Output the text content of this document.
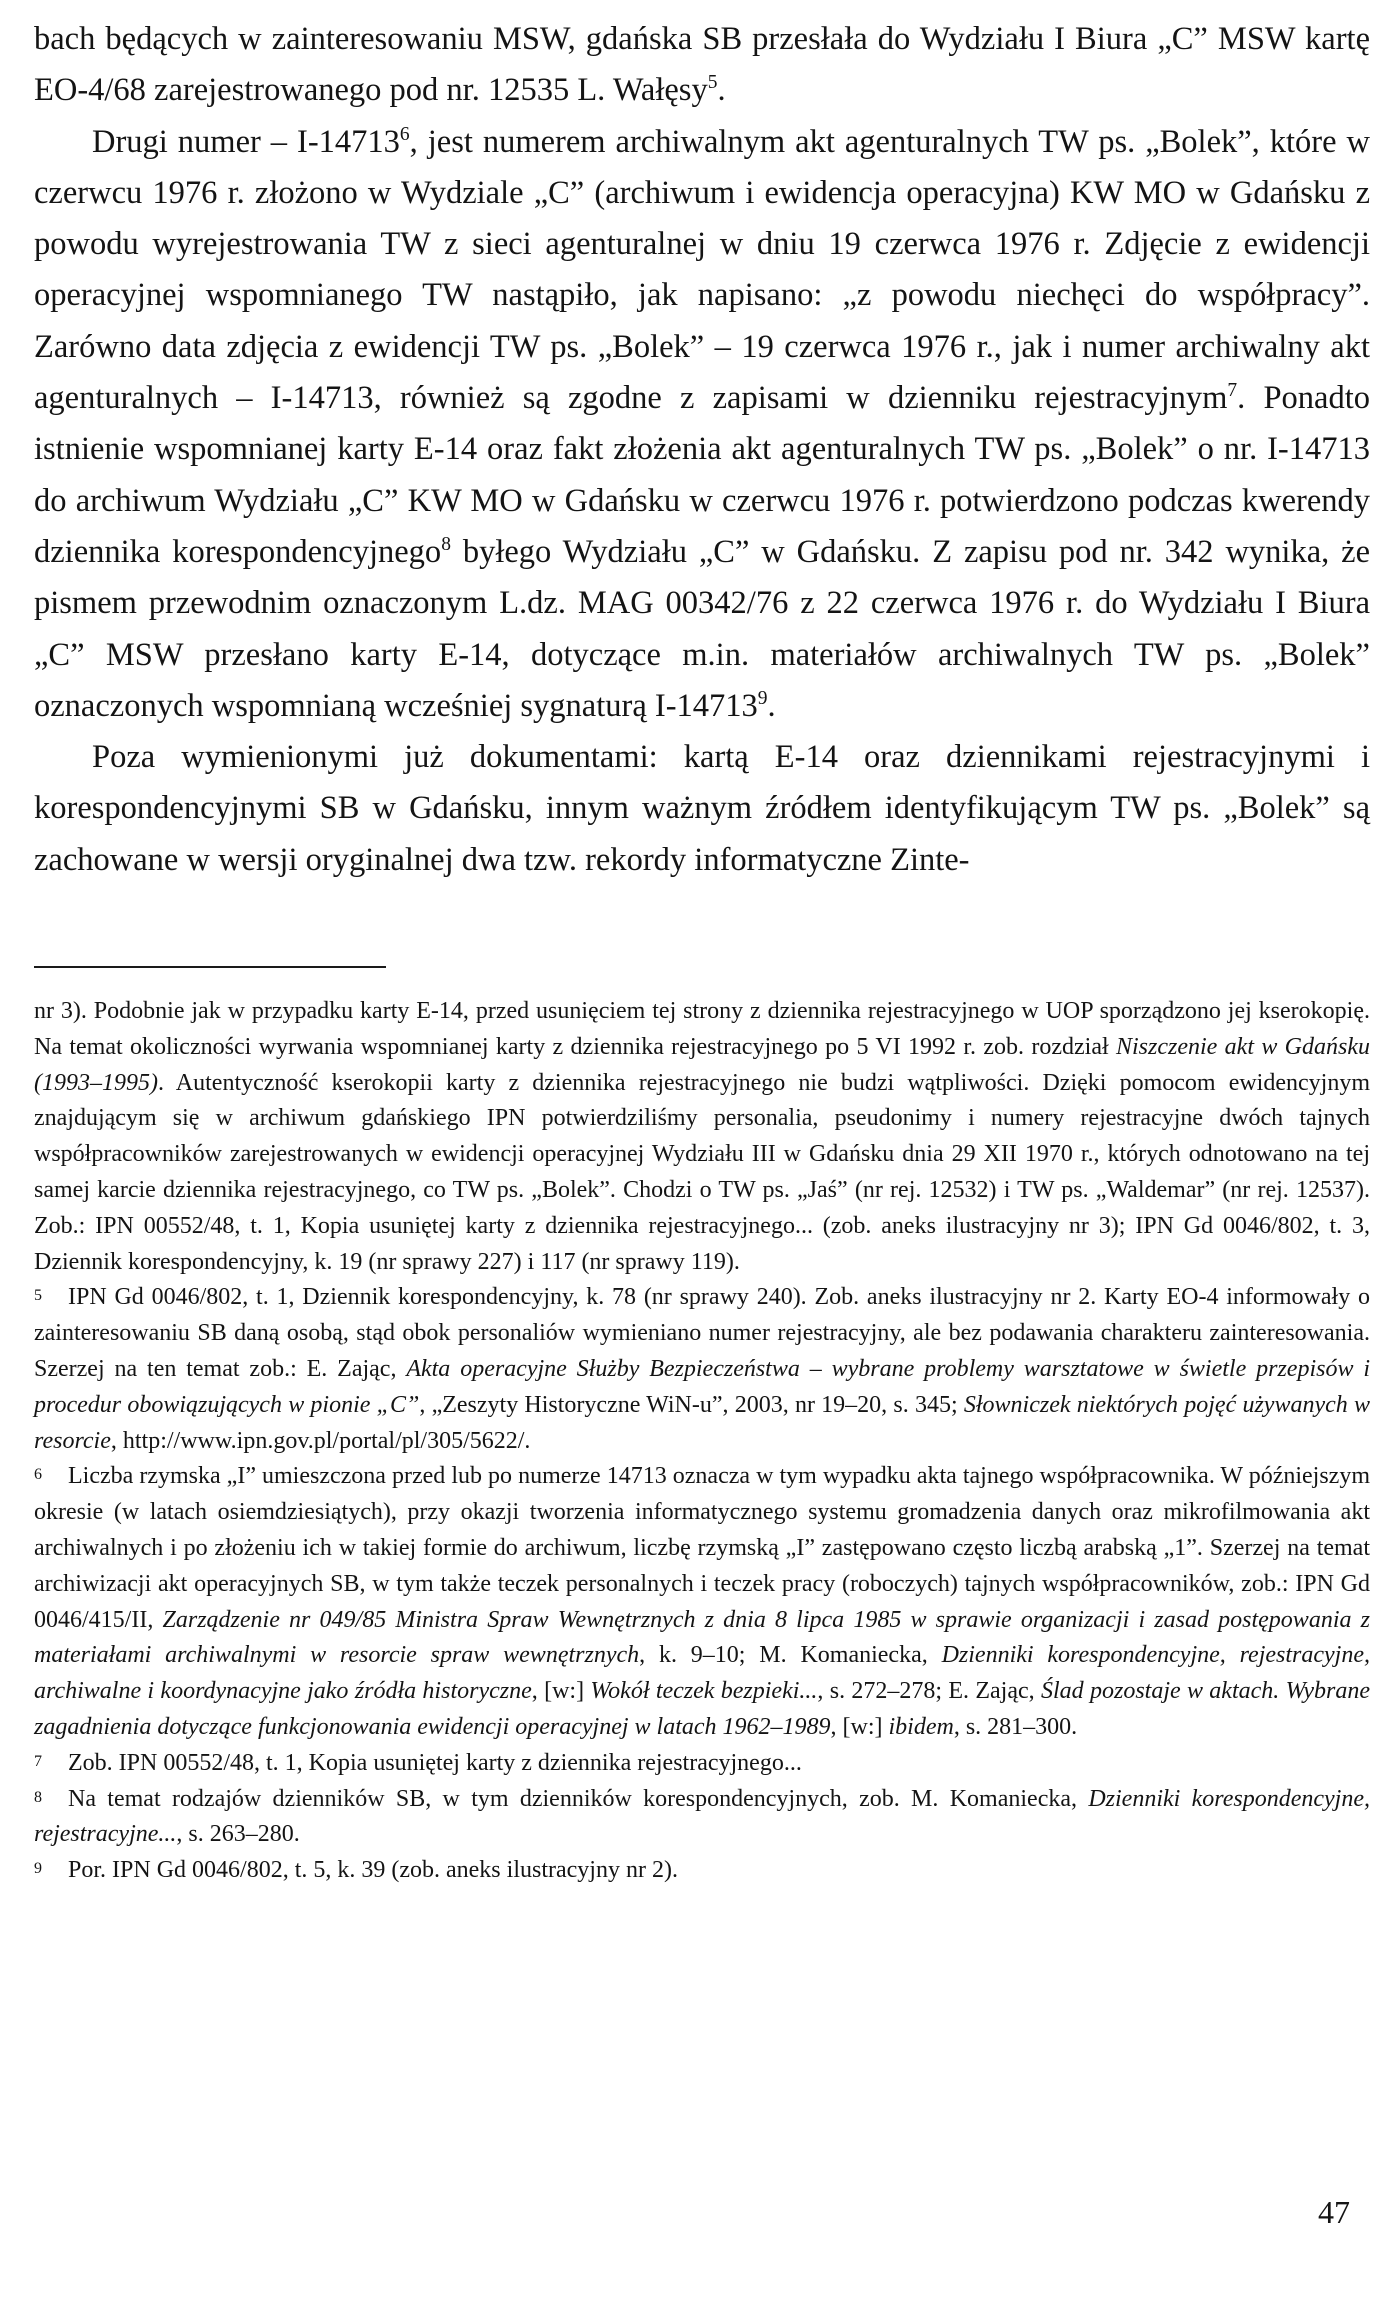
bach będących w zainteresowaniu MSW, gdańska SB przesłała do Wydziału I Biura „C” MSW kartę EO-4/68 zarejestrowanego pod nr. 12535 L. Wałęsy$^5$.

Drugi numer – I-14713$^6$, jest numerem archiwalnym akt agenturalnych TW ps. „Bolek”, które w czerwcu 1976 r. złożono w Wydziale „C” (archiwum i ewidencja operacyjna) KW MO w Gdańsku z powodu wyrejestrowania TW z sieci agenturalnej w dniu 19 czerwca 1976 r. Zdjęcie z ewidencji operacyjnej wspomnianego TW nastąpiło, jak napisano: „z powodu niechęci do współpracy”. Zarówno data zdjęcia z ewidencji TW ps. „Bolek” – 19 czerwca 1976 r., jak i numer archiwalny akt agenturalnych – I-14713, również są zgodne z zapisami w dzienniku rejestracyjnym$^7$. Ponadto istnienie wspomnianej karty E-14 oraz fakt złożenia akt agenturalnych TW ps. „Bolek” o nr. I-14713 do archiwum Wydziału „C” KW MO w Gdańsku w czerwcu 1976 r. potwierdzono podczas kwerendy dziennika korespondencyjnego$^8$ byłego Wydziału „C” w Gdańsku. Z zapisu pod nr. 342 wynika, że pismem przewodnim oznaczonym L.dz. MAG 00342/76 z 22 czerwca 1976 r. do Wydziału I Biura „C” MSW przesłano karty E-14, dotyczące m.in. materiałów archiwalnych TW ps. „Bolek” oznaczonych wspomnianą wcześniej sygnaturą I-14713$^9$.

Poza wymienionymi już dokumentami: kartą E-14 oraz dziennikami rejestracyjnymi i korespondencyjnymi SB w Gdańsku, innym ważnym źródłem identyfikującym TW ps. „Bolek” są zachowane w wersji oryginalnej dwa tzw. rekordy informatyczne Zinte-

nr 3). Podobnie jak w przypadku karty E-14, przed usunięciem tej strony z dziennika rejestracyjnego w UOP sporządzono jej kserokopię. Na temat okoliczności wyrwania wspomnianej karty z dziennika rejestracyjnego po 5 VI 1992 r. zob. rozdział Niszczenie akt w Gdańsku (1993–1995). Autentyczność kserokopii karty z dziennika rejestracyjnego nie budzi wątpliwości. Dzięki pomocom ewidencyjnym znajdującym się w archiwum gdańskiego IPN potwierdziliśmy personalia, pseudonimy i numery rejestracyjne dwóch tajnych współpracowników zarejestrowanych w ewidencji operacyjnej Wydziału III w Gdańsku dnia 29 XII 1970 r., których odnotowano na tej samej karcie dziennika rejestracyjnego, co TW ps. „Bolek”. Chodzi o TW ps. „Jaś” (nr rej. 12532) i TW ps. „Waldemar” (nr rej. 12537). Zob.: IPN 00552/48, t. 1, Kopia usuniętej karty z dziennika rejestracyjnego... (zob. aneks ilustracyjny nr 3); IPN Gd 0046/802, t. 3, Dziennik korespondencyjny, k. 19 (nr sprawy 227) i 117 (nr sprawy 119).

5 IPN Gd 0046/802, t. 1, Dziennik korespondencyjny, k. 78 (nr sprawy 240). Zob. aneks ilustracyjny nr 2. Karty EO-4 informowały o zainteresowaniu SB daną osobą, stąd obok personaliów wymieniano numer rejestracyjny, ale bez podawania charakteru zainteresowania. Szerzej na ten temat zob.: E. Zając, Akta operacyjne Służby Bezpieczeństwa – wybrane problemy warsztatowe w świetle przepisów i procedur obowiązujących w pionie „C”, „Zeszyty Historyczne WiN-u”, 2003, nr 19–20, s. 345; Słowniczek niektórych pojęć używanych w resorcie, http://www.ipn.gov.pl/portal/pl/305/5622/.

6 Liczba rzymska „I” umieszczona przed lub po numerze 14713 oznacza w tym wypadku akta tajnego współpracownika. W późniejszym okresie (w latach osiemdziesiątych), przy okazji tworzenia informatycznego systemu gromadzenia danych oraz mikrofilmowania akt archiwalnych i po złożeniu ich w takiej formie do archiwum, liczbę rzymską „I” zastępowano często liczbą arabską „1”. Szerzej na temat archiwizacji akt operacyjnych SB, w tym także teczek personalnych i teczek pracy (roboczych) tajnych współpracowników, zob.: IPN Gd 0046/415/II, Zarządzenie nr 049/85 Ministra Spraw Wewnętrznych z dnia 8 lipca 1985 w sprawie organizacji i zasad postępowania z materiałami archiwalnymi w resorcie spraw wewnętrznych, k. 9–10; M. Komaniecka, Dzienniki korespondencyjne, rejestracyjne, archiwalne i koordynacyjne jako źródła historyczne, [w:] Wokół teczek bezpieki..., s. 272–278; E. Zając, Ślad pozostaje w aktach. Wybrane zagadnienia dotyczące funkcjonowania ewidencji operacyjnej w latach 1962–1989, [w:] ibidem, s. 281–300.

7 Zob. IPN 00552/48, t. 1, Kopia usuniętej karty z dziennika rejestracyjnego...

8 Na temat rodzajów dzienników SB, w tym dzienników korespondencyjnych, zob. M. Komaniecka, Dzienniki korespondencyjne, rejestracyjne..., s. 263–280.

9 Por. IPN Gd 0046/802, t. 5, k. 39 (zob. aneks ilustracyjny nr 2).

47
